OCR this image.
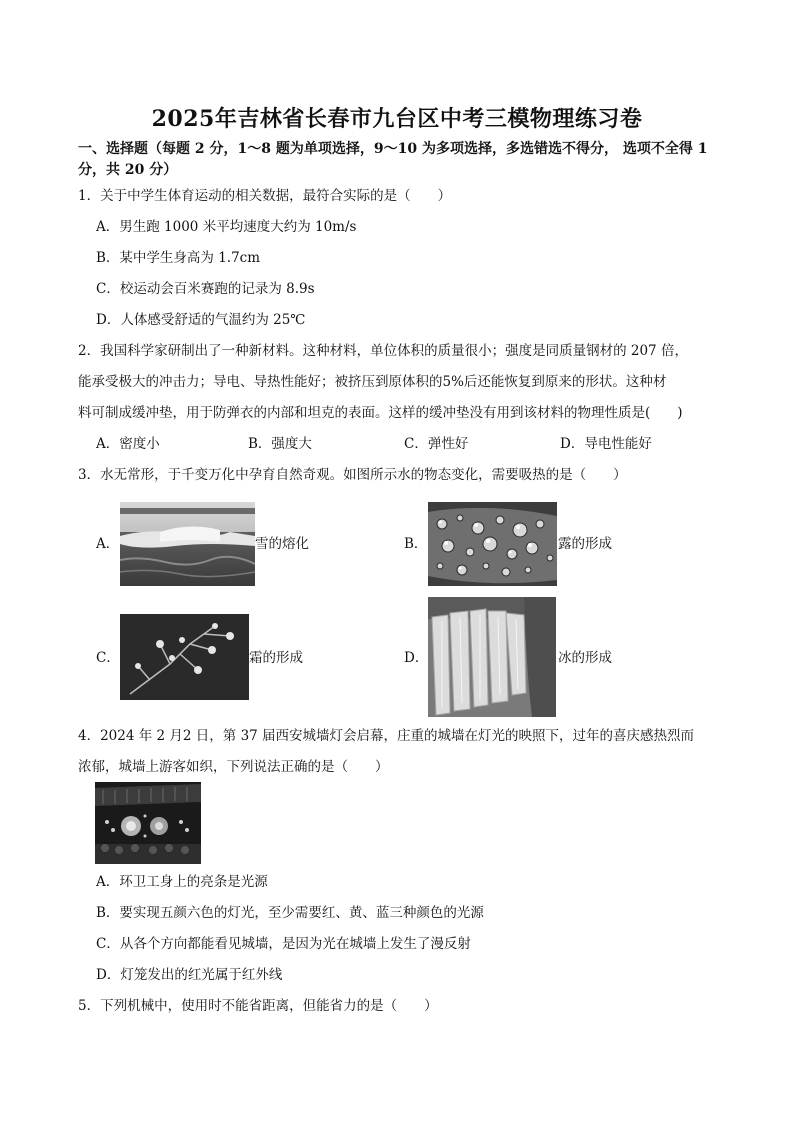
2025年吉林省长春市九台区中考三模物理练习卷
一、选择题（每题 2 分，1～8 题为单项选择，9～10 为多项选择，多选错选不得分， 选项不全得 1 分，共 20 分）
1．关于中学生体育运动的相关数据，最符合实际的是（　　）
A．男生跑 1000 米平均速度大约为 10m/s
B．某中学生身高为 1.7cm
C．校运动会百米赛跑的记录为 8.9s
D．人体感受舒适的气温约为 25℃
2．我国科学家研制出了一种新材料。这种材料，单位体积的质量很小；强度是同质量钢材的 207 倍，
能承受极大的冲击力；导电、导热性能好；被挤压到原体积的5%后还能恢复到原来的形状。这种材
料可制成缓冲垫，用于防弹衣的内部和坦克的表面。这样的缓冲垫没有用到该材料的物理性质是(　　)
A．密度小	B．强度大	C．弹性好	D．导电性能好
3．水无常形，于千变万化中孕育自然奇观。如图所示水的物态变化，需要吸热的是（　　）
A．	雪的熔化	B．	露的形成
C．	霜的形成	D．	冰的形成
4．2024 年 2 月2 日，第 37 届西安城墙灯会启幕，庄重的城墙在灯光的映照下，过年的喜庆感热烈而
浓郁，城墙上游客如织，下列说法正确的是（　　）
A．环卫工身上的亮条是光源
B．要实现五颜六色的灯光，至少需要红、黄、蓝三种颜色的光源
C．从各个方向都能看见城墙，是因为光在城墙上发生了漫反射
D．灯笼发出的红光属于红外线
5．下列机械中，使用时不能省距离，但能省力的是（　　）
